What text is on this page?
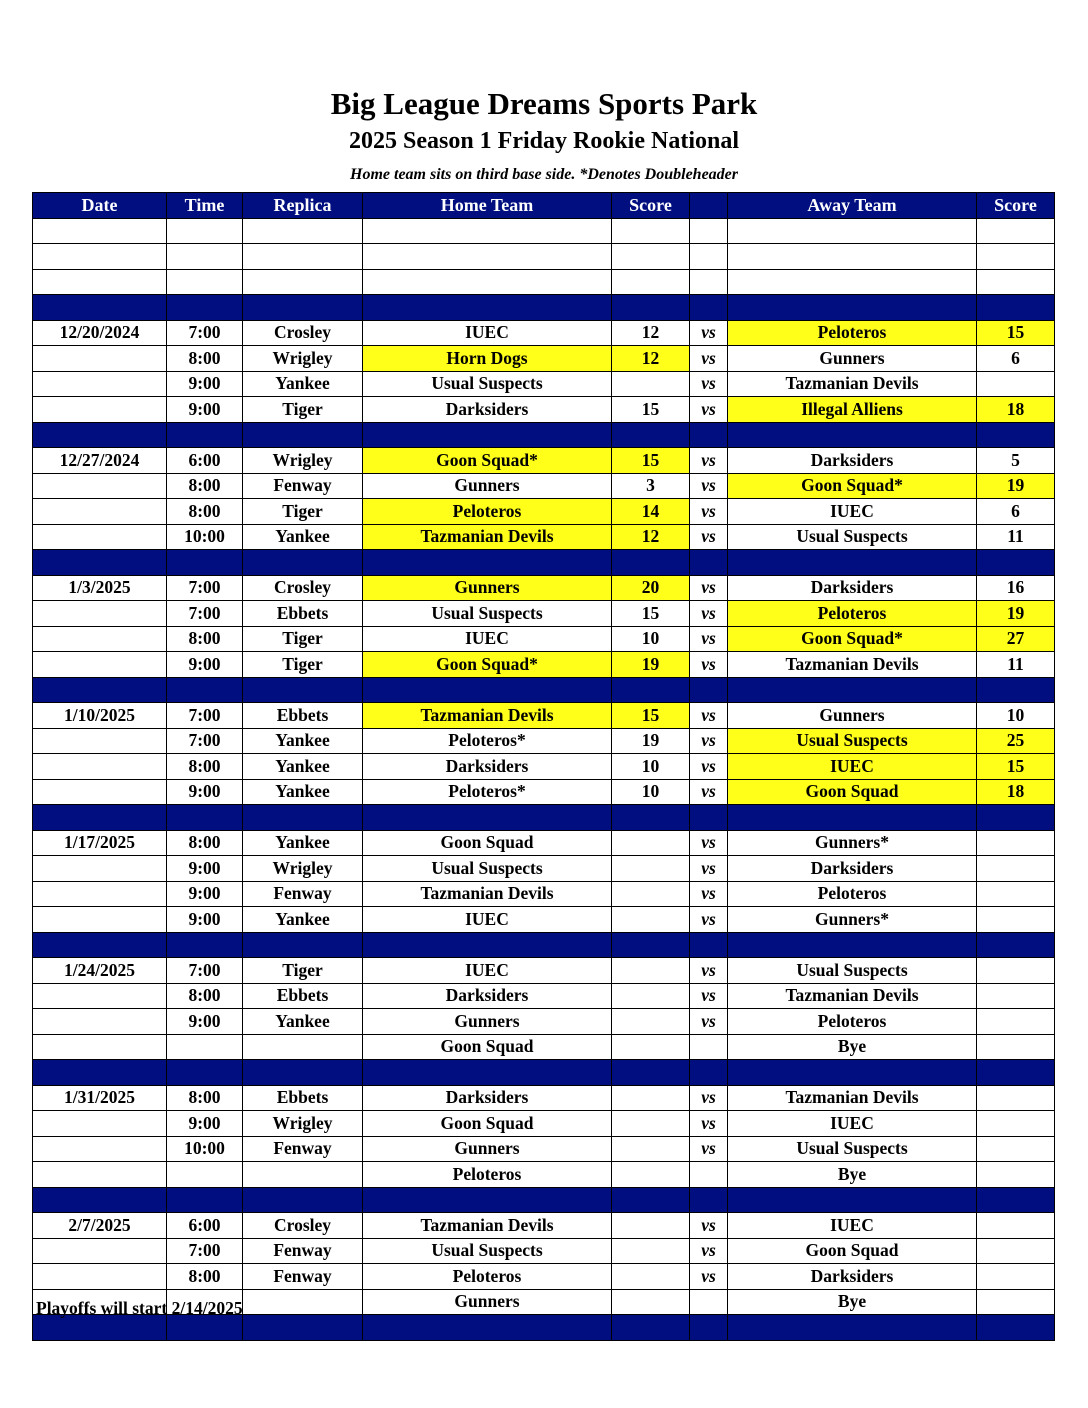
Big League Dreams Sports Park
2025 Season 1 Friday Rookie National
Home team sits on third base side. *Denotes Doubleheader
Date	Time	Replica	Home Team	Score		Away Team	Score

12/20/2024	7:00	Crosley	IUEC	12	vs	Peloteros	15
	8:00	Wrigley	Horn Dogs	12	vs	Gunners	6
	9:00	Yankee	Usual Suspects		vs	Tazmanian Devils	
	9:00	Tiger	Darksiders	15	vs	Illegal Alliens	18

12/27/2024	6:00	Wrigley	Goon Squad*	15	vs	Darksiders	5
	8:00	Fenway	Gunners	3	vs	Goon Squad*	19
	8:00	Tiger	Peloteros	14	vs	IUEC	6
	10:00	Yankee	Tazmanian Devils	12	vs	Usual Suspects	11

1/3/2025	7:00	Crosley	Gunners	20	vs	Darksiders	16
	7:00	Ebbets	Usual Suspects	15	vs	Peloteros	19
	8:00	Tiger	IUEC	10	vs	Goon Squad*	27
	9:00	Tiger	Goon Squad*	19	vs	Tazmanian Devils	11

1/10/2025	7:00	Ebbets	Tazmanian Devils	15	vs	Gunners	10
	7:00	Yankee	Peloteros*	19	vs	Usual Suspects	25
	8:00	Yankee	Darksiders	10	vs	IUEC	15
	9:00	Yankee	Peloteros*	10	vs	Goon Squad	18

1/17/2025	8:00	Yankee	Goon Squad		vs	Gunners*	
	9:00	Wrigley	Usual Suspects		vs	Darksiders	
	9:00	Fenway	Tazmanian Devils		vs	Peloteros	
	9:00	Yankee	IUEC		vs	Gunners*	

1/24/2025	7:00	Tiger	IUEC		vs	Usual Suspects	
	8:00	Ebbets	Darksiders		vs	Tazmanian Devils	
	9:00	Yankee	Gunners		vs	Peloteros	
			Goon Squad			Bye	

1/31/2025	8:00	Ebbets	Darksiders		vs	Tazmanian Devils	
	9:00	Wrigley	Goon Squad		vs	IUEC	
	10:00	Fenway	Gunners		vs	Usual Suspects	
			Peloteros			Bye	

2/7/2025	6:00	Crosley	Tazmanian Devils		vs	IUEC	
	7:00	Fenway	Usual Suspects		vs	Goon Squad	
	8:00	Fenway	Peloteros		vs	Darksiders	
			Gunners			Bye	

Playoffs will start 2/14/2025
